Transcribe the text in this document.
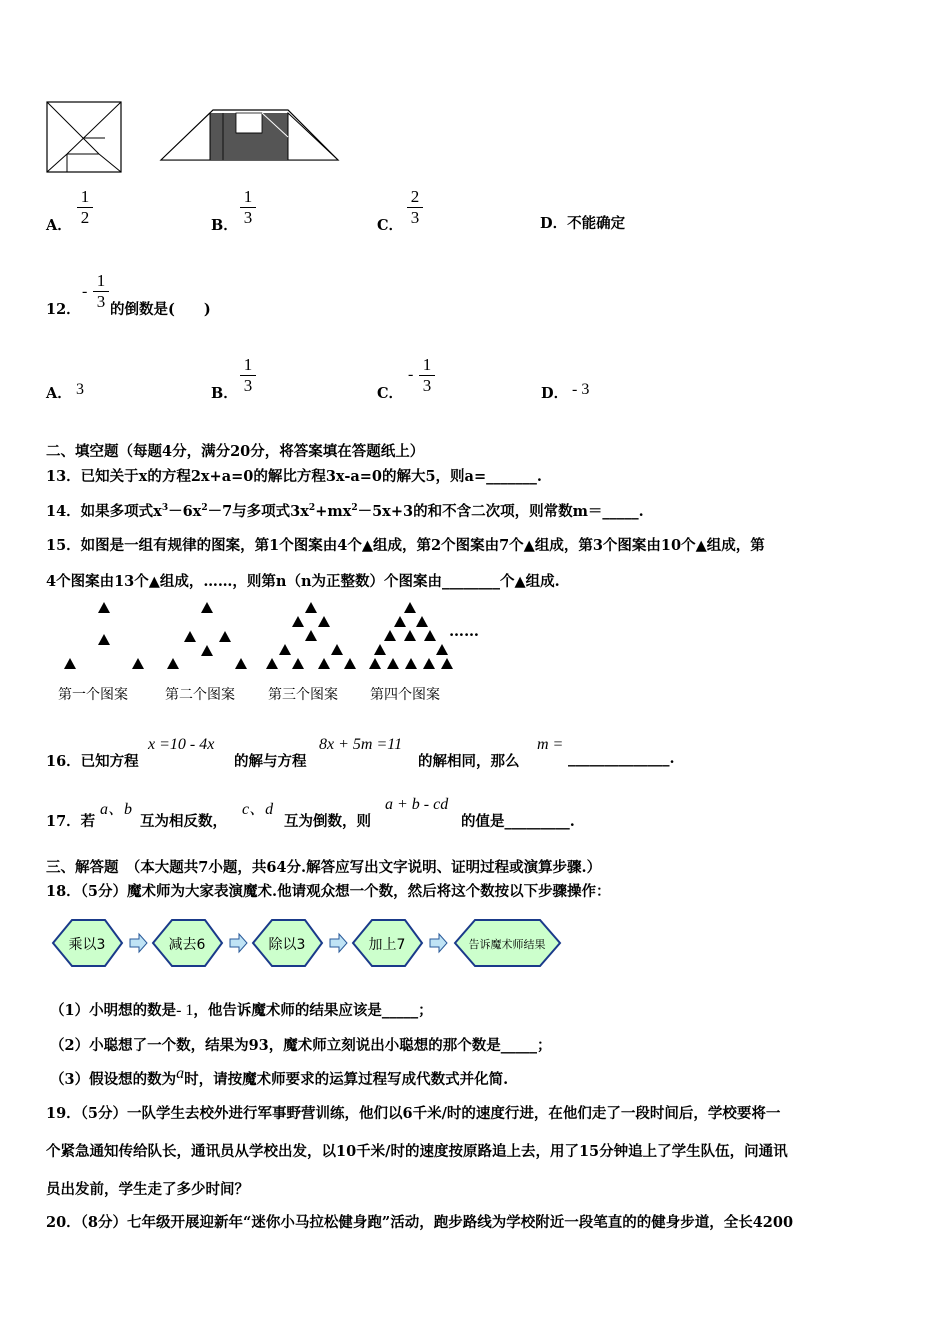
A．
1
2	B．
1
3	C．
2
3	D．不能确定
12．
-
1
3 的倒数是(　　)
A． 3	B．
1
3	C．
-
1
3	D． - 3
二、填空题（每题4分，满分20分，将答案填在答题纸上）
13．已知关于x的方程2x+a=0的解比方程3x-a=0的解大5，则a=_______.
14．如果多项式$x^3-6x^2-7$与多项式$3x^2+mx^2-5x+3$的和不含二次项，则常数m＝_____.
15．如图是一组有规律的图案，第1个图案由4个▲组成，第2个图案由7个▲组成，第3个图案由10个▲组成，第
4个图案由13个▲组成，……，则第n（n为正整数）个图案由________个▲组成.
……
第一个图案	第二个图案 第三个图案 第四个图案
16．已知方程
x =10 - 4x
的解与方程
8x + 5m =11
的解相同，那么
m =
______________.
17．若
a、b
互为相反数，
c、d
互为倒数，则
a + b - cd
的值是_________.
三、解答题　（本大题共7小题，共64分.解答应写出文字说明、证明过程或演算步骤.）
18．（5分）魔术师为大家表演魔术.他请观众想一个数，然后将这个数按以下步骤操作：
乘以3	减去6	除以3	加上7	告诉魔术师结果
（1）小明想的数是- 1，他告诉魔术师的结果应该是_____；
（2）小聪想了一个数，结果为93，魔术师立刻说出小聪想的那个数是_____；
（3）假设想的数为a时，请按魔术师要求的运算过程写成代数式并化简.
19．（5分）一队学生去校外进行军事野营训练，他们以6千米/时的速度行进，在他们走了一段时间后，学校要将一
个紧急通知传给队长，通讯员从学校出发，以10千米/时的速度按原路追上去，用了15分钟追上了学生队伍，问通讯
员出发前，学生走了多少时间？
20．（8分）七年级开展迎新年“迷你小马拉松健身跑”活动，跑步路线为学校附近一段笔直的的健身步道，全长4200
